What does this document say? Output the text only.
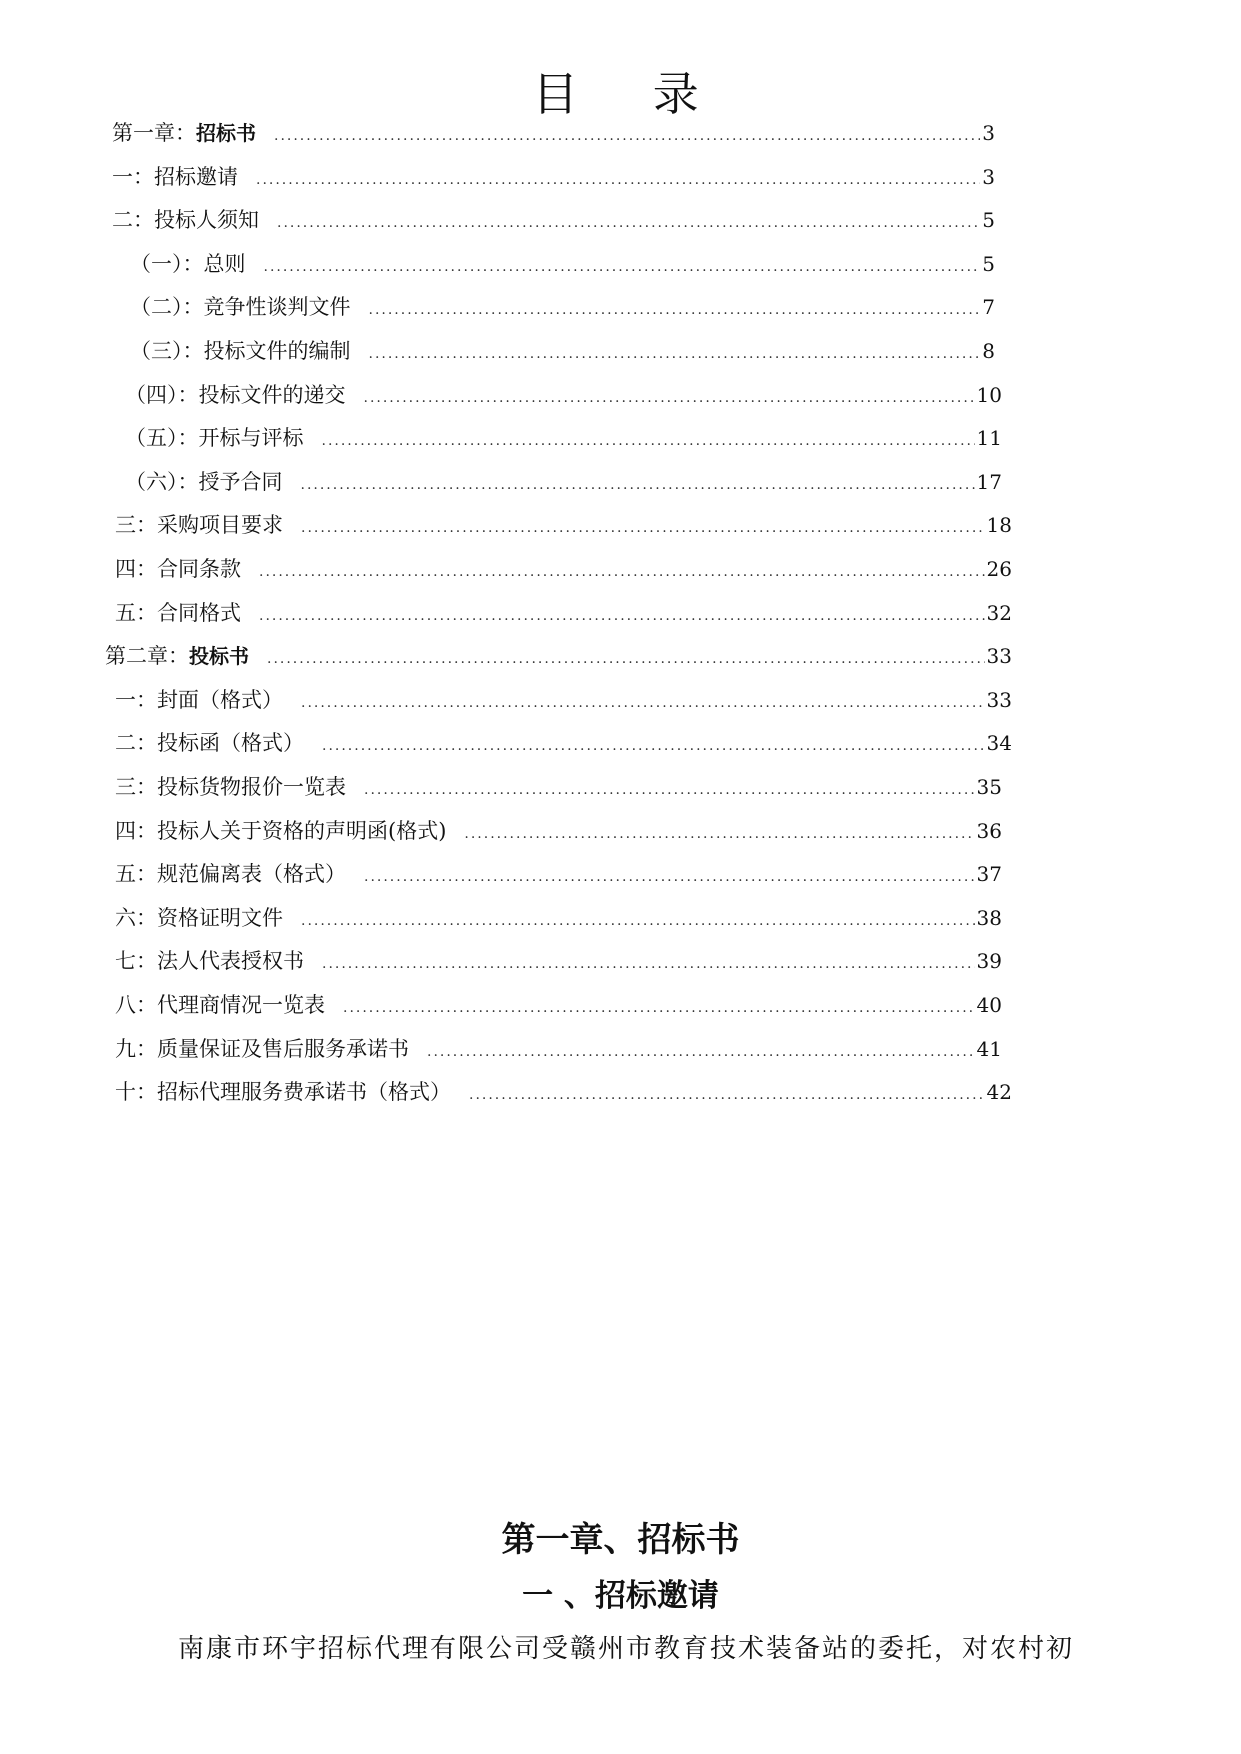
目 录
第一章：招标书 .....	3
一：招标邀请 .....	3
二：投标人须知 .....	5
（一）：总则 .....	5
（二）：竞争性谈判文件 .....	7
（三）：投标文件的编制 .....	8
（四）：投标文件的递交 .....	10
（五）：开标与评标 .....	11
（六）：授予合同 .....	17
三：采购项目要求 .....	18
四：合同条款 .....	26
五：合同格式 .....	32
第二章：投标书 .....	33
一：封面（格式） .....	33
二：投标函（格式） .....	34
三：投标货物报价一览表 .....	35
四：投标人关于资格的声明函(格式) .....	36
五：规范偏离表（格式） .....	37
六：资格证明文件 .....	38
七：法人代表授权书 .....	39
八：代理商情况一览表 .....	40
九：质量保证及售后服务承诺书 .....	41
十：招标代理服务费承诺书（格式） .....	42
第一章、招标书
一 、招标邀请

南康市环宇招标代理有限公司受赣州市教育技术装备站的委托，对农村初
